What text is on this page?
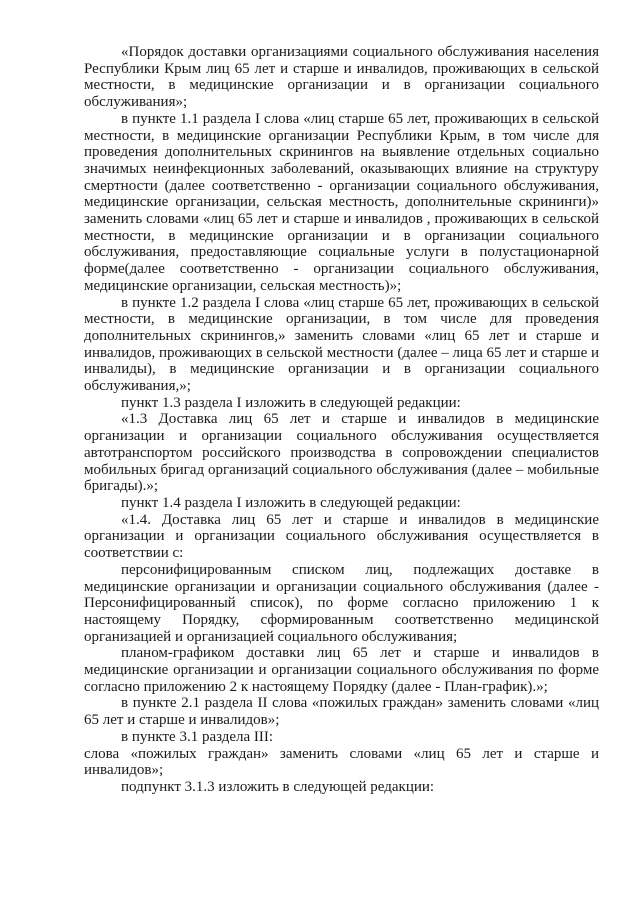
«Порядок доставки организациями социального обслуживания населения Республики Крым лиц 65 лет и старше и инвалидов, проживающих в сельской местности, в медицинские организации и в организации социального обслуживания»;

в пункте 1.1 раздела I слова «лиц старше 65 лет, проживающих в сельской местности, в медицинские организации Республики Крым, в том числе для проведения дополнительных скринингов на выявление отдельных социально значимых неинфекционных заболеваний, оказывающих влияние на структуру смертности (далее соответственно - организации социального обслуживания, медицинские организации, сельская местность, дополнительные скрининги)» заменить словами «лиц 65 лет и старше и инвалидов , проживающих в сельской местности, в медицинские организации и в организации социального обслуживания, предоставляющие социальные услуги в полустационарной форме(далее соответственно - организации социального обслуживания, медицинские организации, сельская местность)»;

в пункте 1.2 раздела I слова «лиц старше 65 лет, проживающих в сельской местности, в медицинские организации, в том числе для проведения дополнительных скринингов,» заменить словами «лиц 65 лет и старше и инвалидов, проживающих в сельской местности (далее – лица 65 лет и старше и инвалиды), в медицинские организации и в организации социального обслуживания,»;

пункт 1.3 раздела I изложить в следующей редакции:

«1.3 Доставка лиц 65 лет и старше и инвалидов в медицинские организации и организации социального обслуживания осуществляется автотранспортом российского производства в сопровождении специалистов мобильных бригад организаций социального обслуживания (далее – мобильные бригады).»;

пункт 1.4 раздела I изложить в следующей редакции:

«1.4. Доставка лиц 65 лет и старше и инвалидов в медицинские организации и организации социального обслуживания осуществляется в соответствии с:

персонифицированным списком лиц, подлежащих доставке в медицинские организации и организации социального обслуживания (далее - Персонифицированный список), по форме согласно приложению 1 к настоящему Порядку, сформированным соответственно медицинской организацией и организацией социального обслуживания;

планом-графиком доставки лиц 65 лет и старше и инвалидов в медицинские организации и организации социального обслуживания по форме согласно приложению 2 к настоящему Порядку (далее - План-график).»;

в пункте 2.1 раздела II слова «пожилых граждан» заменить словами «лиц 65 лет и старше и инвалидов»;

в пункте 3.1 раздела III:

слова «пожилых граждан» заменить словами «лиц 65 лет и старше и инвалидов»;

подпункт 3.1.3 изложить в следующей редакции:
